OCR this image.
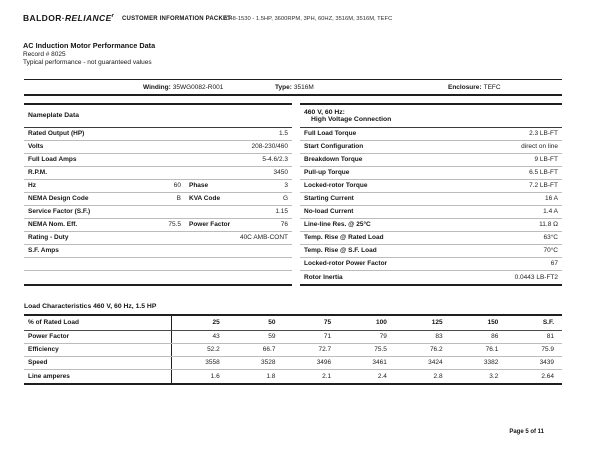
$BALDOR\cdot RELIANCE^r$ CUSTOMER INFORMATION PACKET
2048-1530 - 1.5HP, 3600RPM, 3PH, 60HZ, 3516M, 3516M, TEFC
AC Induction Motor Performance Data
Record # 8025
Typical performance - not guaranteed values
Winding: 35WG0082-R001	Type: 3516M	Enclosure: TEFC
Nameplate Data
Rated Output (HP)	1.5
Volts	208-230/460
Full Load Amps	5-4.6/2.3
R.P.M.	3450
Hz	60 Phase	3
NEMA Design Code	B KVA Code	G
Service Factor (S.F.)	1.15
NEMA Nom. Eff.	75.5 Power Factor	76
Rating - Duty	40C AMB-CONT
S.F. Amps
460 V, 60 Hz:
High Voltage Connection
Full Load Torque	2.3 LB-FT
Start Configuration	direct on line
Breakdown Torque	9 LB-FT
Pull-up Torque	6.5 LB-FT
Locked-rotor Torque	7.2 LB-FT
Starting Current	16 A
No-load Current	1.4 A
Line-line Res. @ 25°C	11.8 Ω
Temp. Rise @ Rated Load	63°C
Temp. Rise @ S.F. Load	70°C
Locked-rotor Power Factor	67
Rotor Inertia	0.0443 LB-FT2
Load Characteristics 460 V, 60 Hz, 1.5 HP
% of Rated Load	25	50	75	100	125	150	S.F.
Power Factor	43	59	71	79	83	86	81
Efficiency	52.2	66.7	72.7	75.5	76.2	76.1	75.9
Speed	3558	3528	3496	3461	3424	3382	3439
Line amperes	1.6	1.8	2.1	2.4	2.8	3.2	2.64
Page 5 of 11
